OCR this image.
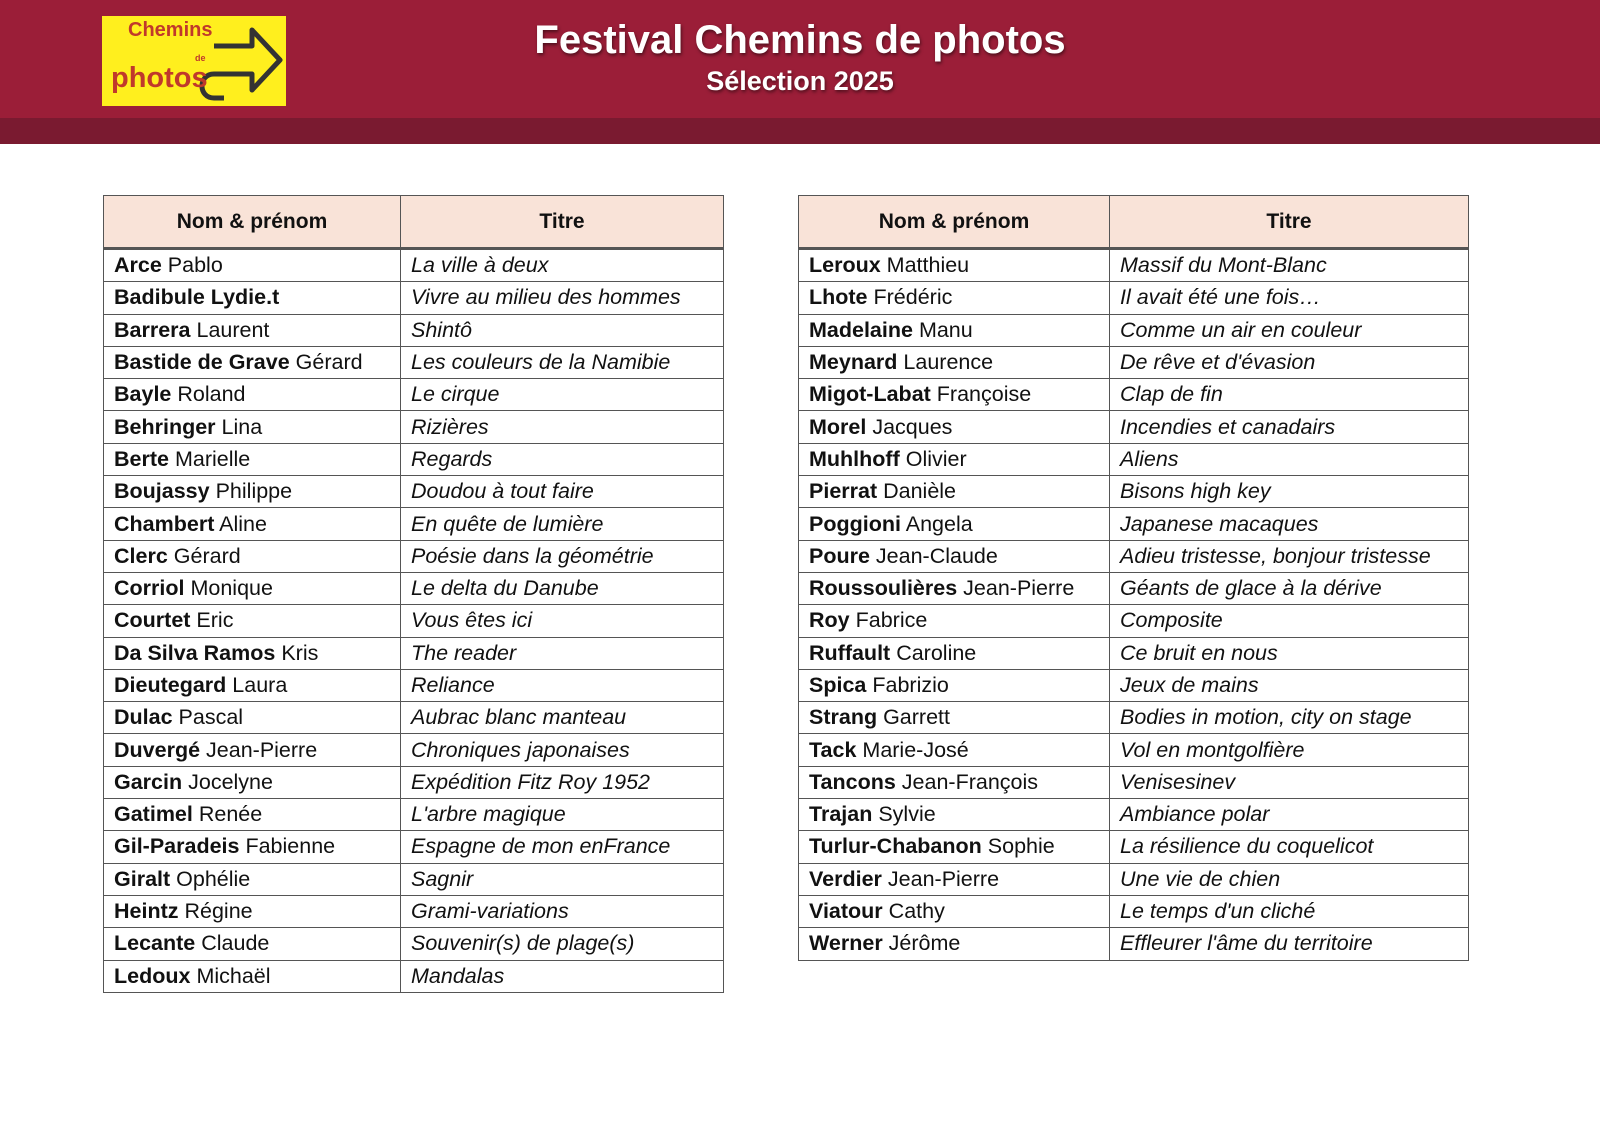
Chemins
de
photos
Festival Chemins de photos
Sélection 2025
Nom & prénom	Titre
Arce Pablo	La ville à deux
Badibule Lydie.t	Vivre au milieu des hommes
Barrera Laurent	Shintô
Bastide de Grave Gérard	Les couleurs de la Namibie
Bayle Roland	Le cirque
Behringer Lina	Rizières
Berte Marielle	Regards
Boujassy Philippe	Doudou à tout faire
Chambert Aline	En quête de lumière
Clerc Gérard	Poésie dans la géométrie
Corriol Monique	Le delta du Danube
Courtet Eric	Vous êtes ici
Da Silva Ramos Kris	The reader
Dieutegard Laura	Reliance
Dulac Pascal	Aubrac blanc manteau
Duvergé Jean-Pierre	Chroniques japonaises
Garcin Jocelyne	Expédition Fitz Roy 1952
Gatimel Renée	L'arbre magique
Gil-Paradeis Fabienne	Espagne de mon enFrance
Giralt Ophélie	Sagnir
Heintz Régine	Grami-variations
Lecante Claude	Souvenir(s) de plage(s)
Ledoux Michaël	Mandalas
Nom & prénom	Titre
Leroux Matthieu	Massif du Mont-Blanc
Lhote Frédéric	Il avait été une fois…
Madelaine Manu	Comme un air en couleur
Meynard Laurence	De rêve et d'évasion
Migot-Labat Françoise	Clap de fin
Morel Jacques	Incendies et canadairs
Muhlhoff Olivier	Aliens
Pierrat Danièle	Bisons high key
Poggioni Angela	Japanese macaques
Poure Jean-Claude	Adieu tristesse, bonjour tristesse
Roussoulières Jean-Pierre	Géants de glace à la dérive
Roy Fabrice	Composite
Ruffault Caroline	Ce bruit en nous
Spica Fabrizio	Jeux de mains
Strang Garrett	Bodies in motion, city on stage
Tack Marie-José	Vol en montgolfière
Tancons Jean-François	Venisesinev
Trajan Sylvie	Ambiance polar
Turlur-Chabanon Sophie	La résilience du coquelicot
Verdier Jean-Pierre	Une vie de chien
Viatour Cathy	Le temps d'un cliché
Werner Jérôme	Effleurer l'âme du territoire
